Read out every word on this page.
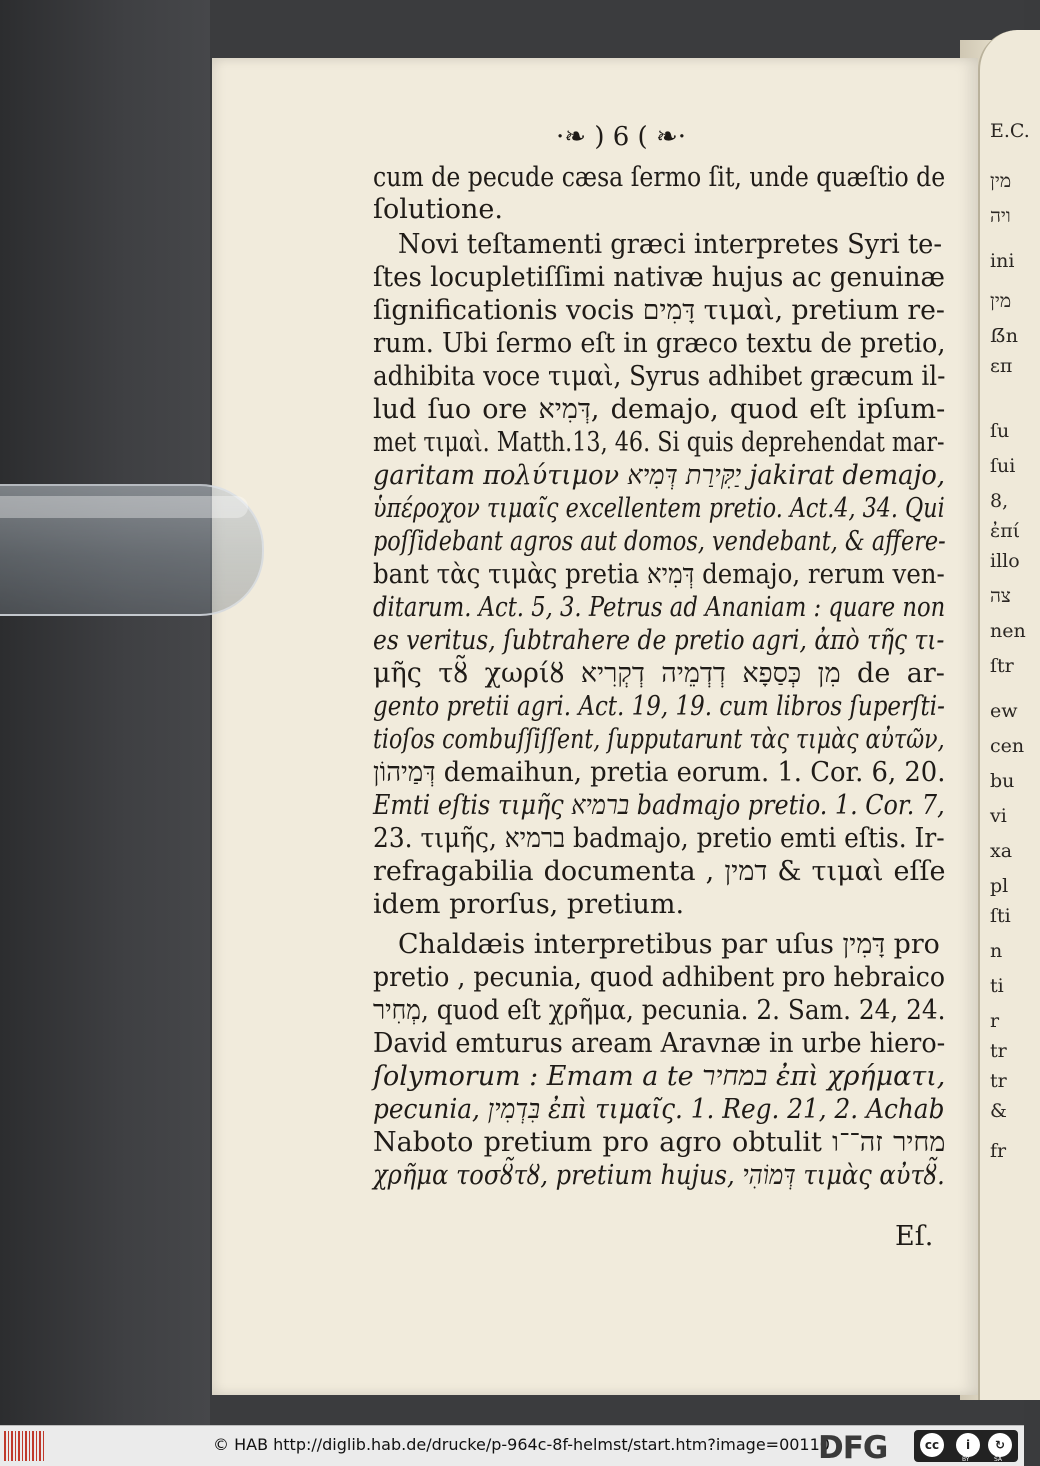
E.C.
מין
ויה
ini
מין
ẞn
επ
ſu
ſui
8,
ἐπί
illo
צה
nen
ſtr
ew
cen
bu
vi
xa
pl
ſti
n
ti
r
tr
tr
&
fr
·❧ ) 6 ( ❧·
cum de pecude cæsa ſermo ſit, unde quæſtio de
ſolutione.
Novi teſtamenti græci interpretes Syri te-
ſtes locupletiſſimi nativæ hujus ac genuinæ
ſignificationis vocis דָּמִים τιμαὶ, pretium re-
rum. Ubi ſermo eſt in græco textu de pretio,
adhibita voce τιμαὶ, Syrus adhibet græcum il-
lud ſuo ore דְּמִיא, demajo, quod eſt ipſum-
met τιμαὶ. Matth.13, 46. Si quis deprehendat mar-
garitam πολύτιμον יַקִּירַת דְּמִיא jakirat demajo,
ὑπέροχον τιμαῖς excellentem pretio. Act.4, 34. Qui
poſſidebant agros aut domos, vendebant, & affere-
bant τὰς τιμὰς pretia דְּמִיא demajo, rerum ven-
ditarum. Act. 5, 3. Petrus ad Ananiam : quare non
es veritus, ſubtrahere de pretio agri, ἀπὸ τῆς τι-
μῆς τȣ̃ χωρίȣ מִן כְּסַפָא דְדְמֵיה דְקְרִיא de ar-
gento pretii agri. Act. 19, 19. cum libros ſuperſti-
tioſos combuſſiſſent, ſupputarunt τὰς τιμὰς αὐτῶν,
דְּמַיהוֹן demaihun, pretia eorum. 1. Cor. 6, 20.
Emti eſtis τιμῆς ברמיא badmajo pretio. 1. Cor. 7,
23. τιμῆς, ברמיא badmajo, pretio emti eſtis. Ir-
refragabilia documenta , דמין & τιμαὶ eſſe
idem prorſus, pretium.
Chaldæis interpretibus par uſus דָּמִין pro
pretio , pecunia, quod adhibent pro hebraico
מְחִיר, quod eſt χρῆμα, pecunia. 2. Sam. 24, 24.
David emturus aream Aravnæ in urbe hiero-
ſolymorum : Emam a te במחיר ἐπὶ χρήματι,
pecunia, בִּדְמִין ἐπὶ τιμαῖς. 1. Reg. 21, 2. Achab
Naboto pretium pro agro obtulit מחיר זה־־ו
χρῆμα τοσȣ̃τȣ, pretium hujus, דְּמוֹהִי τιμὰς αὐτȣ̃.
Eſ.
© HAB http://diglib.hab.de/drucke/p-964c-8f-helmst/start.htm?image=00110
DFG	cc	i	↻
BY	SA
